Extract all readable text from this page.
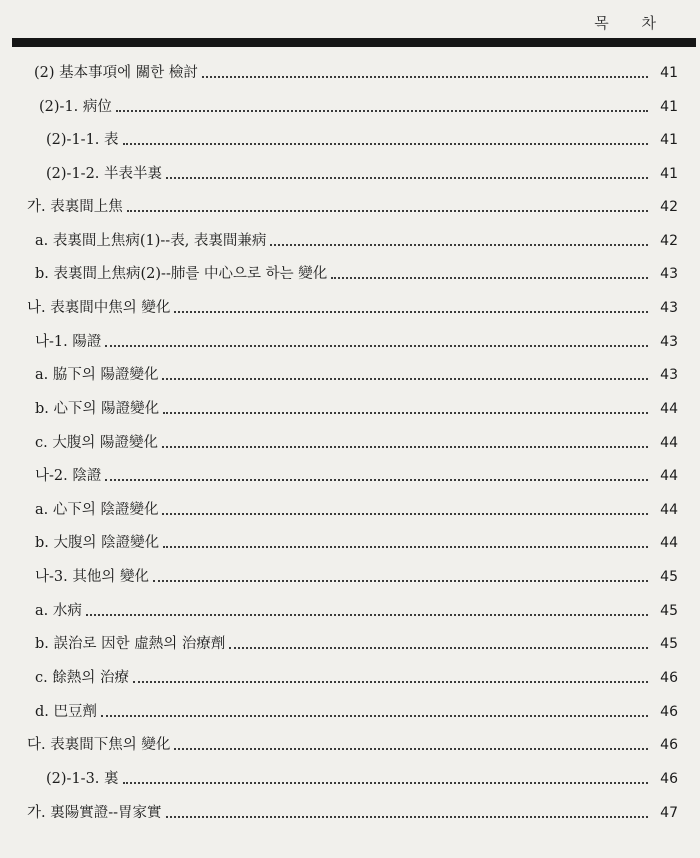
목 차
(2) 基本事項에 關한 檢討	41
(2)-1. 病位	41
(2)-1-1. 表	41
(2)-1-2. 半表半裏	41
가. 表裏間上焦	42
a. 表裏間上焦病(1)--表, 表裏間兼病	42
b. 表裏間上焦病(2)--肺를 中心으로 하는 變化	43
나. 表裏間中焦의 變化	43
나-1. 陽證	43
a. 脇下의 陽證變化	43
b. 心下의 陽證變化	44
c. 大腹의 陽證變化	44
나-2. 陰證	44
a. 心下의 陰證變化	44
b. 大腹의 陰證變化	44
나-3. 其他의 變化	45
a. 水病	45
b. 誤治로 因한 虛熱의 治療劑	45
c. 餘熱의 治療	46
d. 巴豆劑	46
다. 表裏間下焦의 變化	46
(2)-1-3. 裏	46
가. 裏陽實證--胃家實	47
